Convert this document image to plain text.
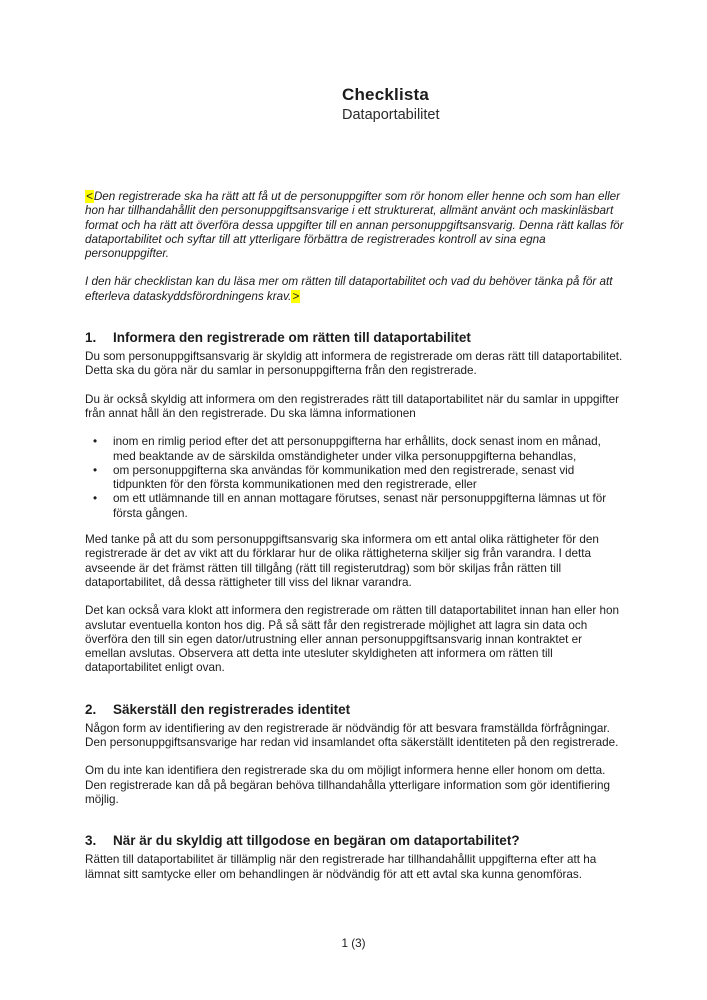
Checklista
Dataportabilitet

<Den registrerade ska ha rätt att få ut de personuppgifter som rör honom eller henne och som han eller hon har tillhandahållit den personuppgiftsansvarige i ett strukturerat, allmänt använt och maskinläsbart format och ha rätt att överföra dessa uppgifter till en annan personuppgiftsansvarig. Denna rätt kallas för dataportabilitet och syftar till att ytterligare förbättra de registrerades kontroll av sina egna personuppgifter.

I den här checklistan kan du läsa mer om rätten till dataportabilitet och vad du behöver tänka på för att efterleva dataskyddsförordningens krav.>

1.	Informera den registrerade om rätten till dataportabilitet

Du som personuppgiftsansvarig är skyldig att informera de registrerade om deras rätt till dataportabilitet. Detta ska du göra när du samlar in personuppgifterna från den registrerade.

Du är också skyldig att informera om den registrerades rätt till dataportabilitet när du samlar in uppgifter från annat håll än den registrerade. Du ska lämna informationen

• inom en rimlig period efter det att personuppgifterna har erhållits, dock senast inom en månad, med beaktande av de särskilda omständigheter under vilka personuppgifterna behandlas,
• om personuppgifterna ska användas för kommunikation med den registrerade, senast vid tidpunkten för den första kommunikationen med den registrerade, eller
• om ett utlämnande till en annan mottagare förutses, senast när personuppgifterna lämnas ut för första gången.

Med tanke på att du som personuppgiftsansvarig ska informera om ett antal olika rättigheter för den registrerade är det av vikt att du förklarar hur de olika rättigheterna skiljer sig från varandra. I detta avseende är det främst rätten till tillgång (rätt till registerutdrag) som bör skiljas från rätten till dataportabilitet, då dessa rättigheter till viss del liknar varandra.

Det kan också vara klokt att informera den registrerade om rätten till dataportabilitet innan han eller hon avslutar eventuella konton hos dig. På så sätt får den registrerade möjlighet att lagra sin data och överföra den till sin egen dator/utrustning eller annan personuppgiftsansvarig innan kontraktet er emellan avslutas. Observera att detta inte utesluter skyldigheten att informera om rätten till dataportabilitet enligt ovan.

2.	Säkerställ den registrerades identitet

Någon form av identifiering av den registrerade är nödvändig för att besvara framställda förfrågningar. Den personuppgiftsansvarige har redan vid insamlandet ofta säkerställt identiteten på den registrerade.

Om du inte kan identifiera den registrerade ska du om möjligt informera henne eller honom om detta. Den registrerade kan då på begäran behöva tillhandahålla ytterligare information som gör identifiering möjlig.

3.	När är du skyldig att tillgodose en begäran om dataportabilitet?

Rätten till dataportabilitet är tillämplig när den registrerade har tillhandahållit uppgifterna efter att ha lämnat sitt samtycke eller om behandlingen är nödvändig för att ett avtal ska kunna genomföras.

1 (3)
